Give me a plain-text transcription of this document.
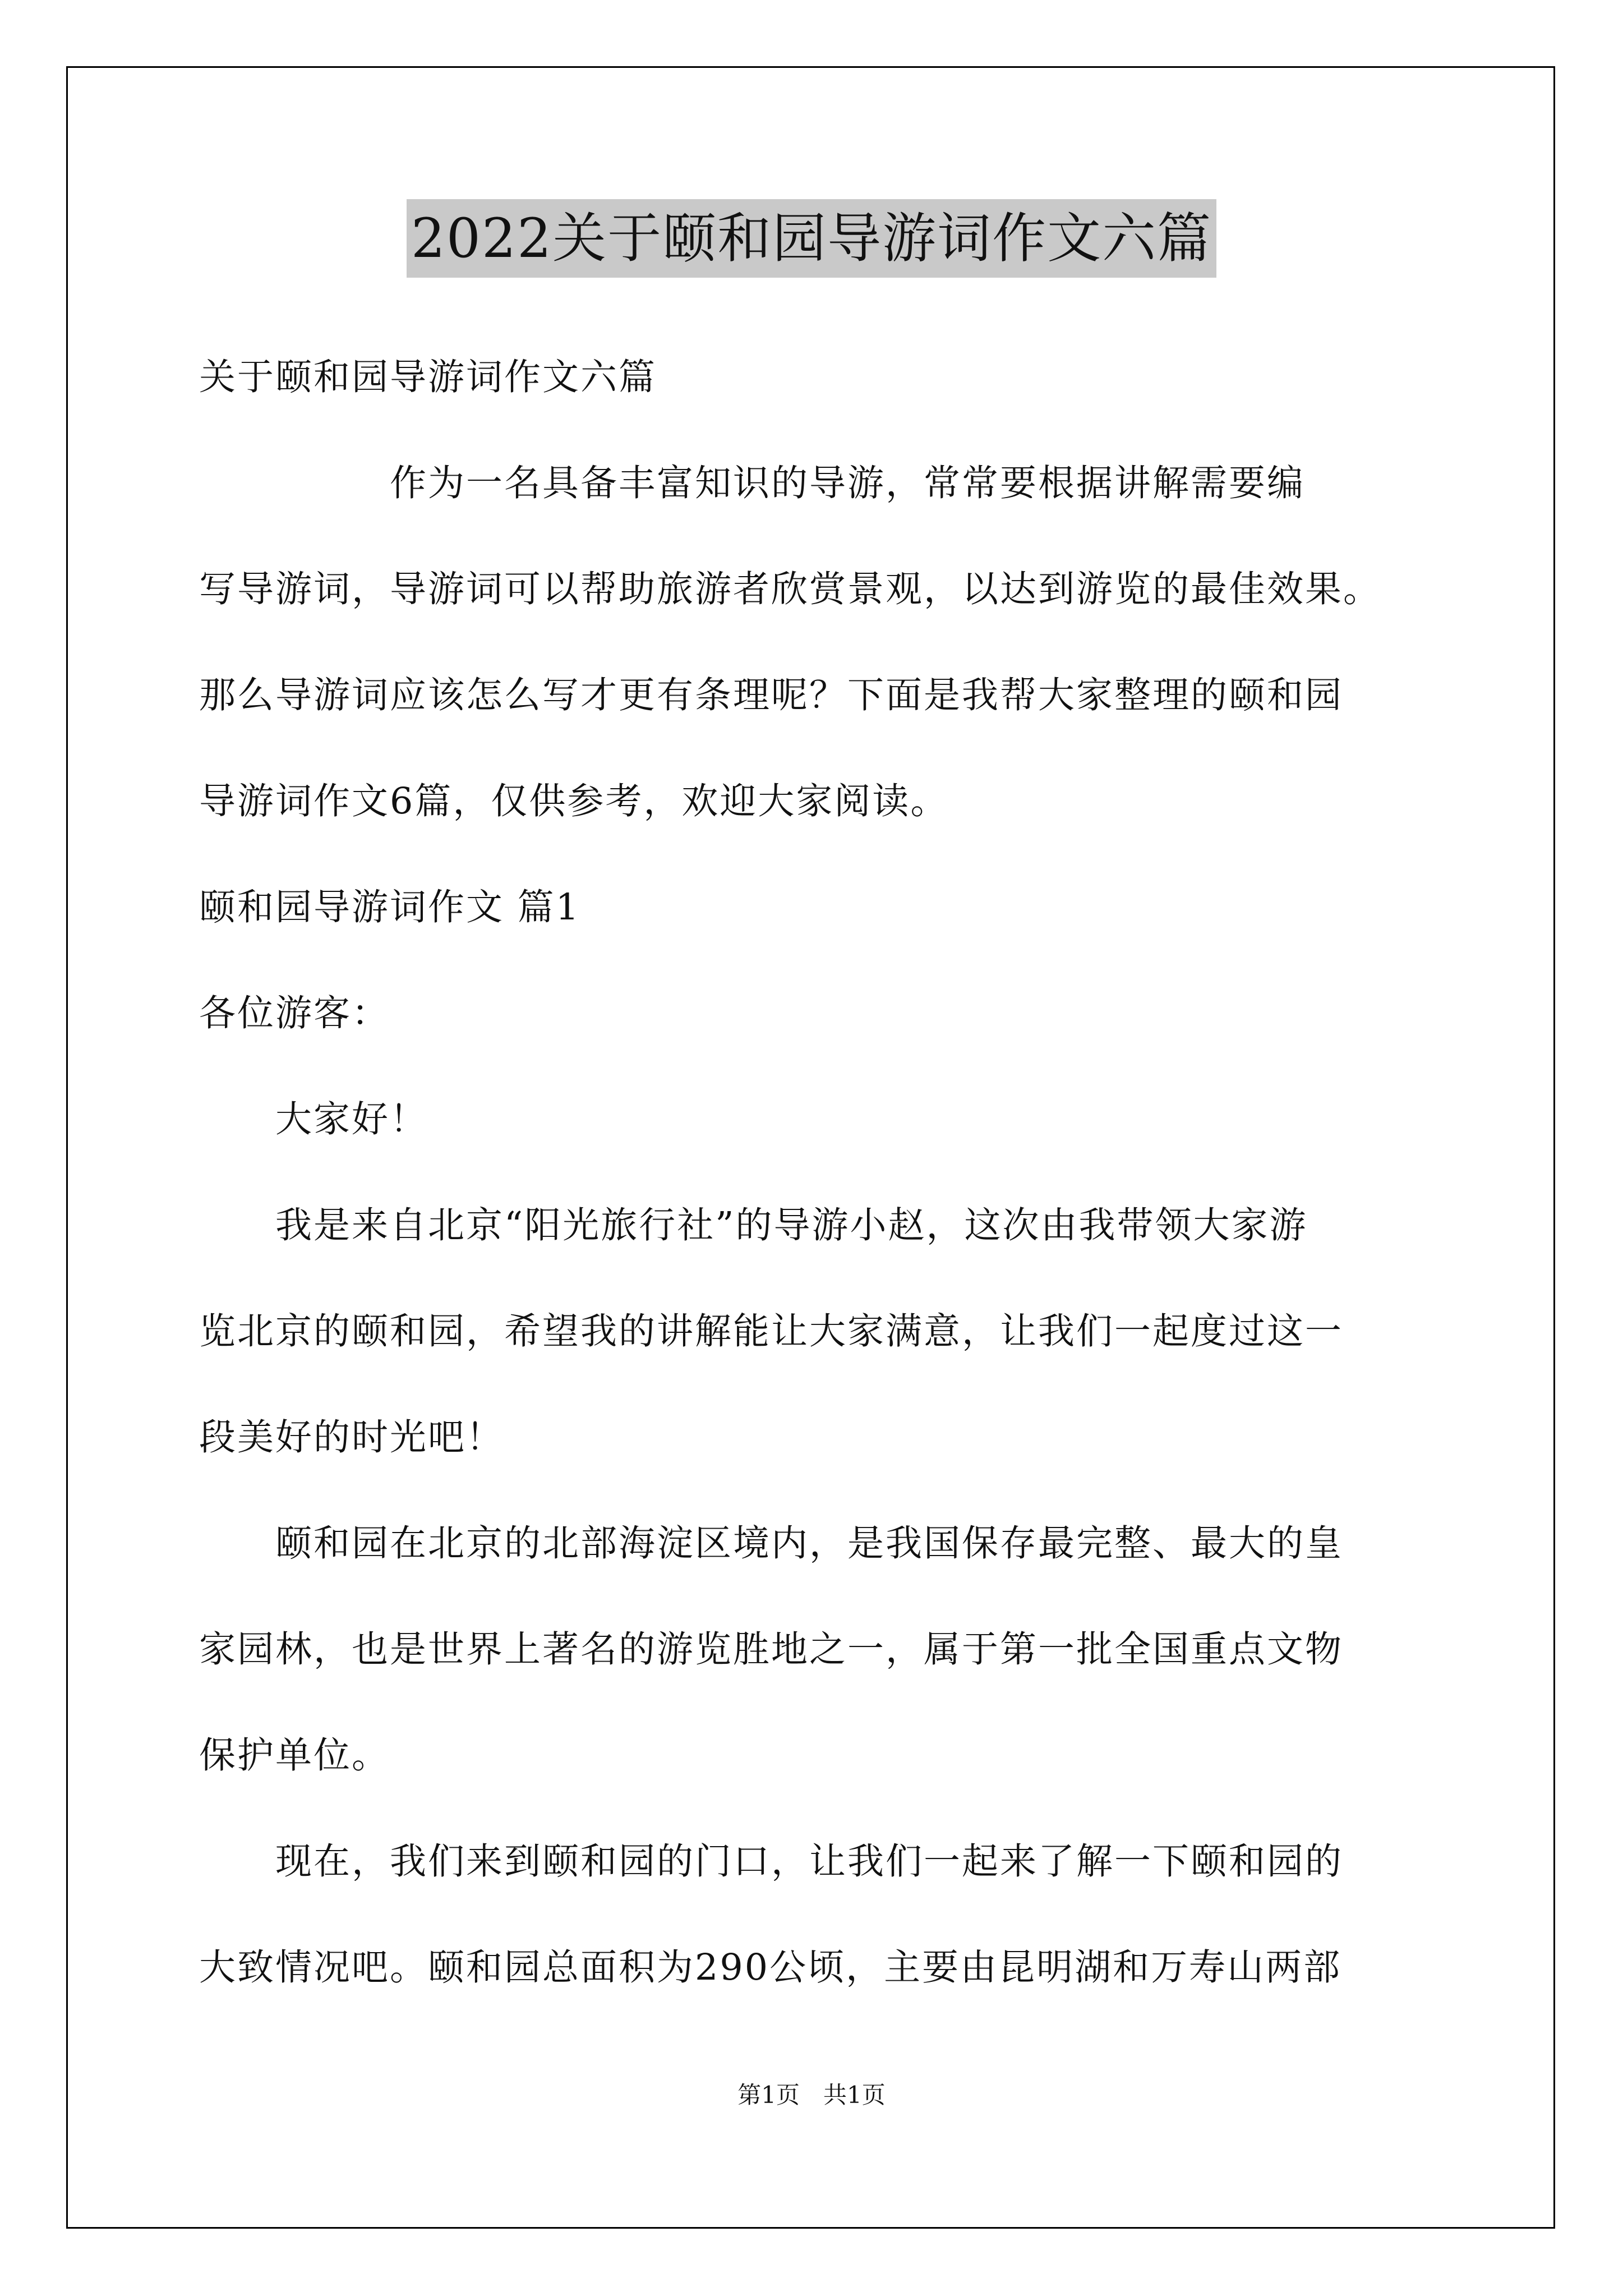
2022关于颐和园导游词作文六篇
关于颐和园导游词作文六篇
　　　　　作为一名具备丰富知识的导游，常常要根据讲解需要编
写导游词，导游词可以帮助旅游者欣赏景观，以达到游览的最佳效果。
那么导游词应该怎么写才更有条理呢？下面是我帮大家整理的颐和园
导游词作文6篇，仅供参考，欢迎大家阅读。
颐和园导游词作文 篇1
各位游客：
　　大家好！
　　我是来自北京“阳光旅行社”的导游小赵，这次由我带领大家游
览北京的颐和园，希望我的讲解能让大家满意，让我们一起度过这一
段美好的时光吧！
　　颐和园在北京的北部海淀区境内，是我国保存最完整、最大的皇
家园林，也是世界上著名的游览胜地之一，属于第一批全国重点文物
保护单位。
　　现在，我们来到颐和园的门口，让我们一起来了解一下颐和园的
大致情况吧。颐和园总面积为290公顷，主要由昆明湖和万寿山两部
第1页　共1页
